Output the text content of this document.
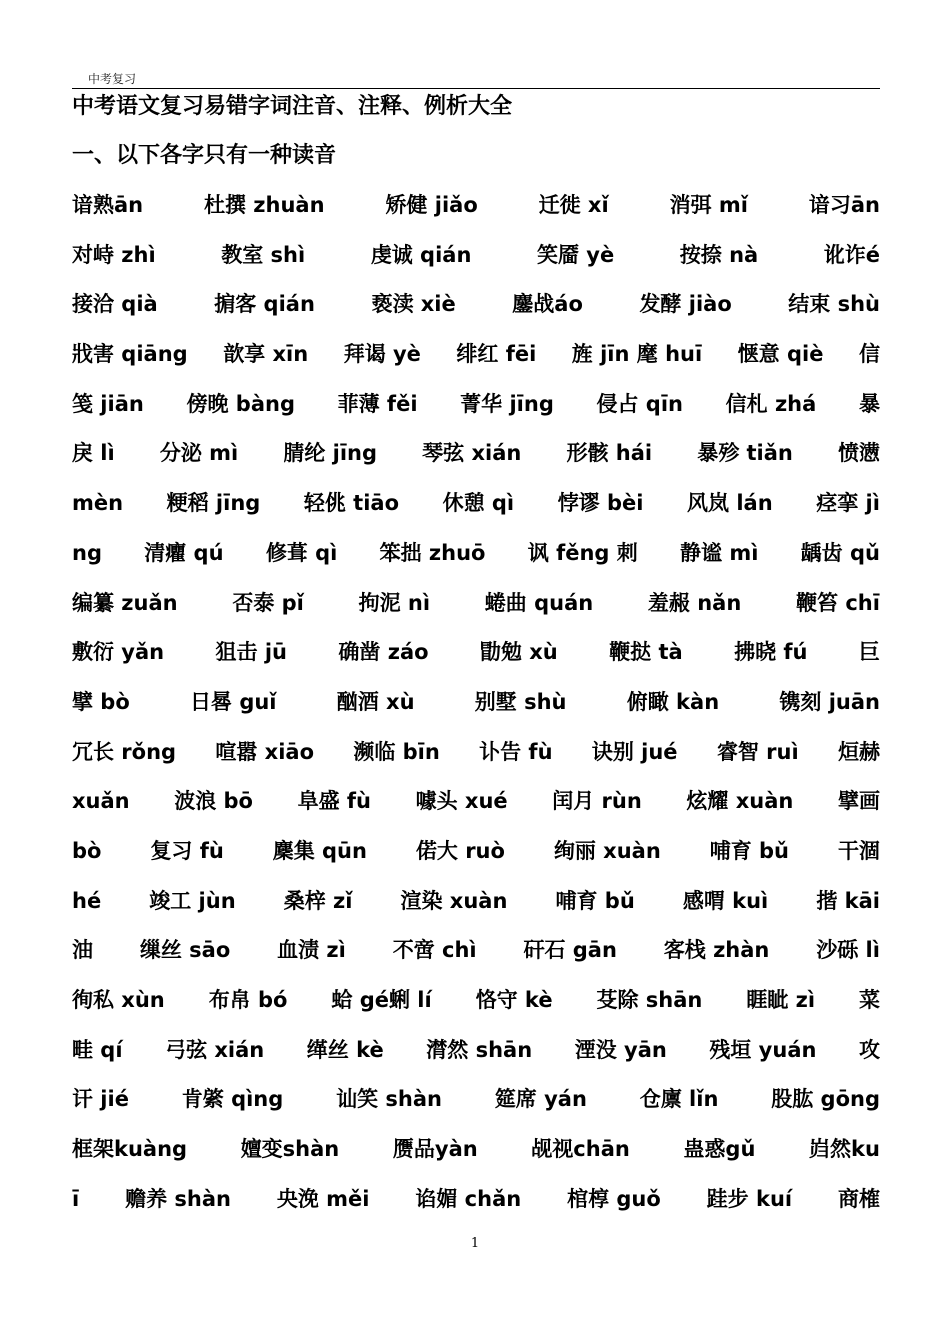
中考复习
中考语文复习易错字词注音、注释、例析大全
一、以下各字只有一种读音
谙熟ān	杜撰 zhuàn	矫健 jiǎo	迁徙 xǐ	消弭 mǐ	谙习ān
对峙 zhì	教室 shì	虔诚 qián	笑靥 yè	按捺 nà	讹诈é
接洽 qià	掮客 qián	亵渎 xiè	鏖战áo	发酵 jiào	结束 shù
戕害 qiāng 歆享 xīn 拜谒 yè 绯红 fēi 旌 jīn 麾 huī 惬意 qiè 信
笺 jiān 傍晚 bàng 菲薄 fěi 菁华 jīng 侵占 qīn 信札 zhá 暴
戾 lì 分泌 mì 腈纶 jīng 琴弦 xián 形骸 hái 暴殄 tiǎn 愤懑
mèn 粳稻 jīng 轻佻 tiāo 休憩 qì 悖谬 bèi 风岚 lán 痉挛 jì
ng 清癯 qú 修葺 qì 笨拙 zhuō 讽 fěng 刺 静谧 mì 龋齿 qǔ
编纂 zuǎn	否泰 pǐ	拘泥 nì	蜷曲 quán	羞赧 nǎn	鞭笞 chī
敷衍 yǎn 狙击 jū 确凿 záo 勖勉 xù 鞭挞 tà 拂晓 fú 巨
擘 bò	日晷 guǐ	酗酒 xù	别墅 shù	俯瞰 kàn	镌刻 juān
冗长 rǒng 喧嚣 xiāo 濒临 bīn 讣告 fù 诀别 jué 睿智 ruì 烜赫
xuǎn 波浪 bō 阜盛 fù 噱头 xué 闰月 rùn 炫耀 xuàn 擘画
bò 复习 fù 麇集 qūn 偌大 ruò 绚丽 xuàn 哺育 bǔ 干涸
hé 竣工 jùn 桑梓 zǐ 渲染 xuàn 哺育 bǔ 感喟 kuì 揩 kāi
油 缫丝 sāo 血渍 zì 不啻 chì 矸石 gān 客栈 zhàn 沙砾 lì
徇私 xùn 布帛 bó 蛤 gé蜊 lí 恪守 kè 芟除 shān 睚眦 zì 菜
畦 qí 弓弦 xián 缂丝 kè 潸然 shān 湮没 yān 残垣 yuán 攻
讦 jié	肯綮 qìng	讪笑 shàn	筵席 yán	仓廪 lǐn	股肱 gōng
框架kuàng	嬗变shàn	赝品yàn	觇视chān	蛊惑gǔ	岿然ku
ī 赡养 shàn 央浼 měi 谄媚 chǎn 棺椁 guǒ 跬步 kuí 商榷
1
